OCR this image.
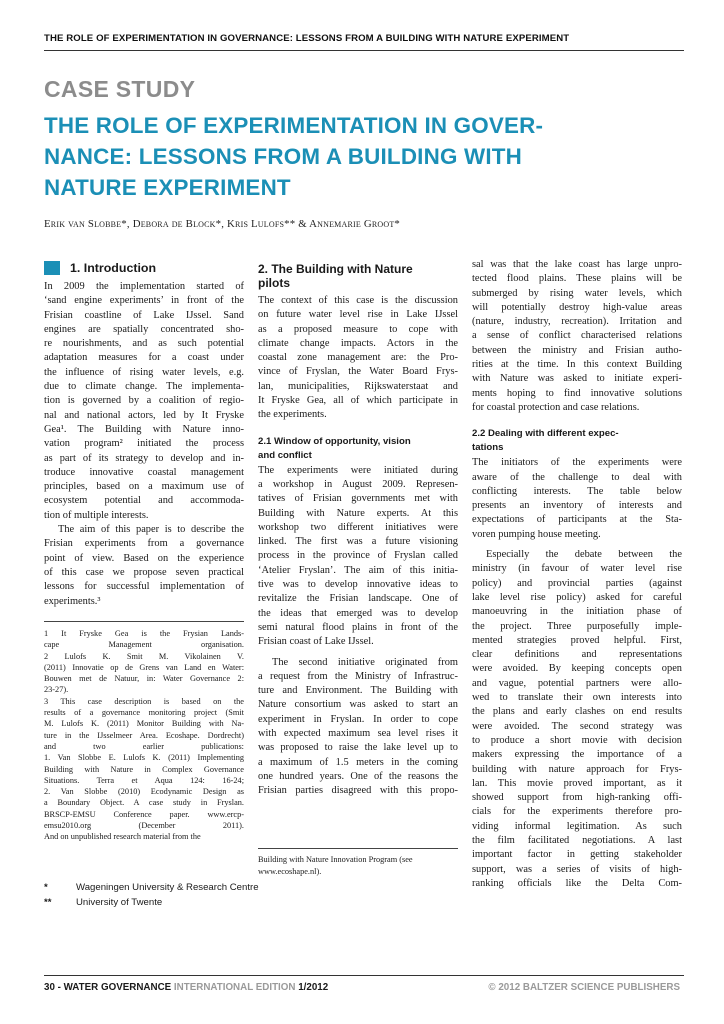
THE ROLE OF EXPERIMENTATION IN GOVERNANCE: LESSONS FROM A BUILDING WITH NATURE EXPERIMENT
CASE STUDY
THE ROLE OF EXPERIMENTATION IN GOVER-
NANCE: LESSONS FROM A BUILDING WITH
NATURE EXPERIMENT
Erik van Slobbe*, Debora de Block*, Kris Lulofs** & Annemarie Groot*
1. Introduction
In 2009 the implementation started of
‘sand engine experiments’ in front of the
Frisian coastline of Lake IJssel. Sand
engines are spatially concentrated sho-
re nourishments, and as such potential
adaptation measures for a coast under
the influence of rising water levels, e.g.
due to climate change. The implementa-
tion is governed by a coalition of regio-
nal and national actors, led by It Fryske
Gea¹. The Building with Nature inno-
vation program² initiated the process
as part of its strategy to develop and in-
troduce innovative coastal management
principles, based on a maximum use of
ecosystem potential and accommoda-
tion of multiple interests.
The aim of this paper is to describe the
Frisian experiments from a governance
point of view. Based on the experience
of this case we propose seven practical
lessons for successful implementation of
experiments.³
1 It Fryske Gea is the Frysian Lands-
cape Management organisation.
2 Lulofs K. Smit M. Vikolainen V.
(2011) Innovatie op de Grens van Land en Water:
Bouwen met de Natuur, in: Water Governance 2:
23-27).
3 This case description is based on the
results of a governance monitoring project (Smit
M. Lulofs K. (2011) Monitor Building with Na-
ture in the IJsselmeer Area. Ecoshape. Dordrecht)
and two earlier publications:
1. Van Slobbe E. Lulofs K. (2011) Implementing
Building with Nature in Complex Governance
Situations. Terra et Aqua 124: 16-24;
2. Van Slobbe (2010) Ecodynamic Design as
a Boundary Object. A case study in Fryslan.
BRSCP-EMSU Conference paper. www.ercp-
emsu2010.org (December 2011).
And on unpublished research material from the
*	Wageningen University & Research Centre
**	University of Twente
2. The Building with Nature
pilots
The context of this case is the discussion
on future water level rise in Lake IJssel
as a proposed measure to cope with
climate change impacts. Actors in the
coastal zone management are: the Pro-
vince of Fryslan, the Water Board Frys-
lan, municipalities, Rijkswaterstaat and
It Fryske Gea, all of which participate in
the experiments.
2.1 Window of opportunity, vision
and conflict
The experiments were initiated during
a workshop in August 2009. Represen-
tatives of Frisian governments met with
Building with Nature experts. At this
workshop two different initiatives were
linked. The first was a future visioning
process in the province of Fryslan called
‘Atelier Fryslan’. The aim of this initia-
tive was to develop innovative ideas to
revitalize the Frisian landscape. One of
the ideas that emerged was to develop
semi natural flood plains in front of the
Frisian coast of Lake IJssel.
The second initiative originated from
a request from the Ministry of Infrastruc-
ture and Environment. The Building with
Nature consortium was asked to start an
experiment in Fryslan. In order to cope
with expected maximum sea level rises it
was proposed to raise the lake level up to
a maximum of 1.5 meters in the coming
one hundred years. One of the reasons the
Frisian parties disagreed with this propo-
Building with Nature Innovation Program (see
www.ecoshape.nl).
sal was that the lake coast has large unpro-
tected flood plains. These plains will be
submerged by rising water levels, which
will potentially destroy high-value areas
(nature, industry, recreation). Irritation and
a sense of conflict characterised relations
between the ministry and Frisian autho-
rities at the time. In this context Building
with Nature was asked to initiate experi-
ments hoping to find innovative solutions
for coastal protection and case relations.
2.2 Dealing with different expec-
tations
The initiators of the experiments were
aware of the challenge to deal with
conflicting interests. The table below
presents an inventory of interests and
expectations of participants at the Sta-
voren pumping house meeting.
Especially the debate between the
ministry (in favour of water level rise
policy) and provincial parties (against
lake level rise policy) asked for careful
manoeuvring in the initiation phase of
the project. Three purposefully imple-
mented strategies proved helpful. First,
clear definitions and representations
were avoided. By keeping concepts open
and vague, potential partners were allo-
wed to translate their own interests into
the plans and early clashes on end results
were avoided. The second strategy was
to produce a short movie with decision
makers expressing the importance of a
building with nature approach for Frys-
lan. This movie proved important, as it
showed support from high-ranking offi-
cials for the experiments therefore pro-
viding informal legitimation. As such
the film facilitated negotiations. A last
important factor in getting stakeholder
support, was a series of visits of high-
ranking officials like the Delta Com-
30 - WATER GOVERNANCE INTERNATIONAL EDITION 1/2012	© 2012 BALTZER SCIENCE PUBLISHERS
